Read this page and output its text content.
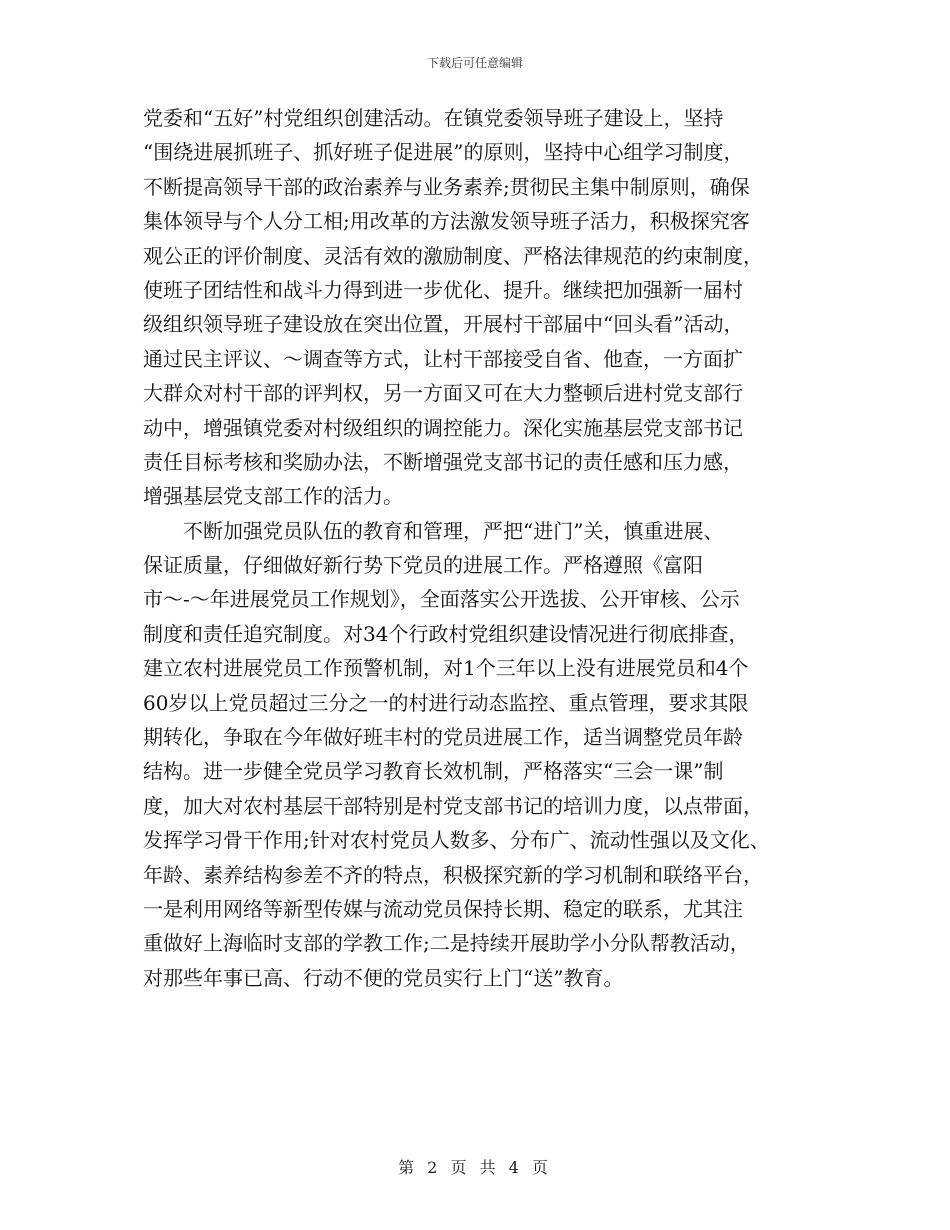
下载后可任意编辑
党委和“五好”村党组织创建活动。在镇党委领导班子建设上，坚持
“围绕进展抓班子、抓好班子促进展”的原则，坚持中心组学习制度，
不断提高领导干部的政治素养与业务素养;贯彻民主集中制原则，确保
集体领导与个人分工相;用改革的方法激发领导班子活力，积极探究客
观公正的评价制度、灵活有效的激励制度、严格法律规范的约束制度，
使班子团结性和战斗力得到进一步优化、提升。继续把加强新一届村
级组织领导班子建设放在突出位置，开展村干部届中“回头看”活动，
通过民主评议、～调查等方式，让村干部接受自省、他查，一方面扩
大群众对村干部的评判权，另一方面又可在大力整顿后进村党支部行
动中，增强镇党委对村级组织的调控能力。深化实施基层党支部书记
责任目标考核和奖励办法，不断增强党支部书记的责任感和压力感，
增强基层党支部工作的活力。
不断加强党员队伍的教育和管理，严把“进门”关，慎重进展、
保证质量，仔细做好新行势下党员的进展工作。严格遵照《富阳
市～-～年进展党员工作规划》，全面落实公开选拔、公开审核、公示
制度和责任追究制度。对34个行政村党组织建设情况进行彻底排查，
建立农村进展党员工作预警机制，对1个三年以上没有进展党员和4个
60岁以上党员超过三分之一的村进行动态监控、重点管理，要求其限
期转化，争取在今年做好班丰村的党员进展工作，适当调整党员年龄
结构。进一步健全党员学习教育长效机制，严格落实“三会一课”制
度，加大对农村基层干部特别是村党支部书记的培训力度，以点带面，
发挥学习骨干作用;针对农村党员人数多、分布广、流动性强以及文化、
年龄、素养结构参差不齐的特点，积极探究新的学习机制和联络平台，
一是利用网络等新型传媒与流动党员保持长期、稳定的联系，尤其注
重做好上海临时支部的学教工作;二是持续开展助学小分队帮教活动，
对那些年事已高、行动不便的党员实行上门“送”教育。
第 2 页 共 4 页
